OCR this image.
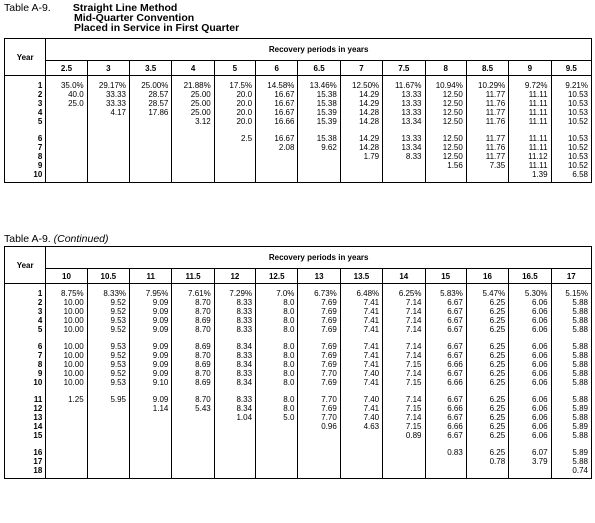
Table A-9. Straight Line Method
Mid-Quarter Convention
Placed in Service in First Quarter
Year	Recovery periods in years												
	2.5	3	3.5	4	5	6	6.5	7	7.5	8	8.5	9	9.5
1	35.0%	29.17%	25.00%	21.88%	17.5%	14.58%	13.46%	12.50%	11.67%	10.94%	10.29%	9.72%	9.21%
2	40.0	33.33	28.57	25.00	20.0	16.67	15.38	14.29	13.33	12.50	11.77	11.11	10.53
3	25.0	33.33	28.57	25.00	20.0	16.67	15.38	14.29	13.33	12.50	11.76	11.11	10.53
4		4.17	17.86	25.00	20.0	16.67	15.39	14.28	13.33	12.50	11.77	11.11	10.53
5				3.12	20.0	16.66	15.39	14.28	13.34	12.50	11.76	11.11	10.52

6					2.5	16.67	15.38	14.29	13.33	12.50	11.77	11.11	10.53
7						2.08	9.62	14.28	13.34	12.50	11.76	11.11	10.52
8								1.79	8.33	12.50	11.77	11.12	10.53
9										1.56	7.35	11.11	10.52
10												1.39	6.58

Table A-9. (Continued)
Year	Recovery periods in years												
	10	10.5	11	11.5	12	12.5	13	13.5	14	15	16	16.5	17
1	8.75%	8.33%	7.95%	7.61%	7.29%	7.0%	6.73%	6.48%	6.25%	5.83%	5.47%	5.30%	5.15%
2	10.00	9.52	9.09	8.70	8.33	8.0	7.69	7.41	7.14	6.67	6.25	6.06	5.88
3	10.00	9.52	9.09	8.70	8.33	8.0	7.69	7.41	7.14	6.67	6.25	6.06	5.88
4	10.00	9.53	9.09	8.69	8.33	8.0	7.69	7.41	7.14	6.67	6.25	6.06	5.88
5	10.00	9.52	9.09	8.70	8.33	8.0	7.69	7.41	7.14	6.67	6.25	6.06	5.88

6	10.00	9.53	9.09	8.69	8.34	8.0	7.69	7.41	7.14	6.67	6.25	6.06	5.88
7	10.00	9.52	9.09	8.70	8.33	8.0	7.69	7.41	7.14	6.67	6.25	6.06	5.88
8	10.00	9.53	9.09	8.69	8.34	8.0	7.69	7.41	7.15	6.66	6.25	6.06	5.88
9	10.00	9.52	9.09	8.70	8.33	8.0	7.70	7.40	7.14	6.67	6.25	6.06	5.88
10	10.00	9.53	9.10	8.69	8.34	8.0	7.69	7.41	7.15	6.66	6.25	6.06	5.88

11	1.25	5.95	9.09	8.70	8.33	8.0	7.70	7.40	7.14	6.67	6.25	6.06	5.88
12			1.14	5.43	8.34	8.0	7.69	7.41	7.15	6.66	6.25	6.06	5.89
13					1.04	5.0	7.70	7.40	7.14	6.67	6.25	6.06	5.88
14							0.96	4.63	7.15	6.66	6.25	6.06	5.89
15									0.89	6.67	6.25	6.06	5.88

16										0.83	6.25	6.07	5.89
17											0.78	3.79	5.88
18													0.74
